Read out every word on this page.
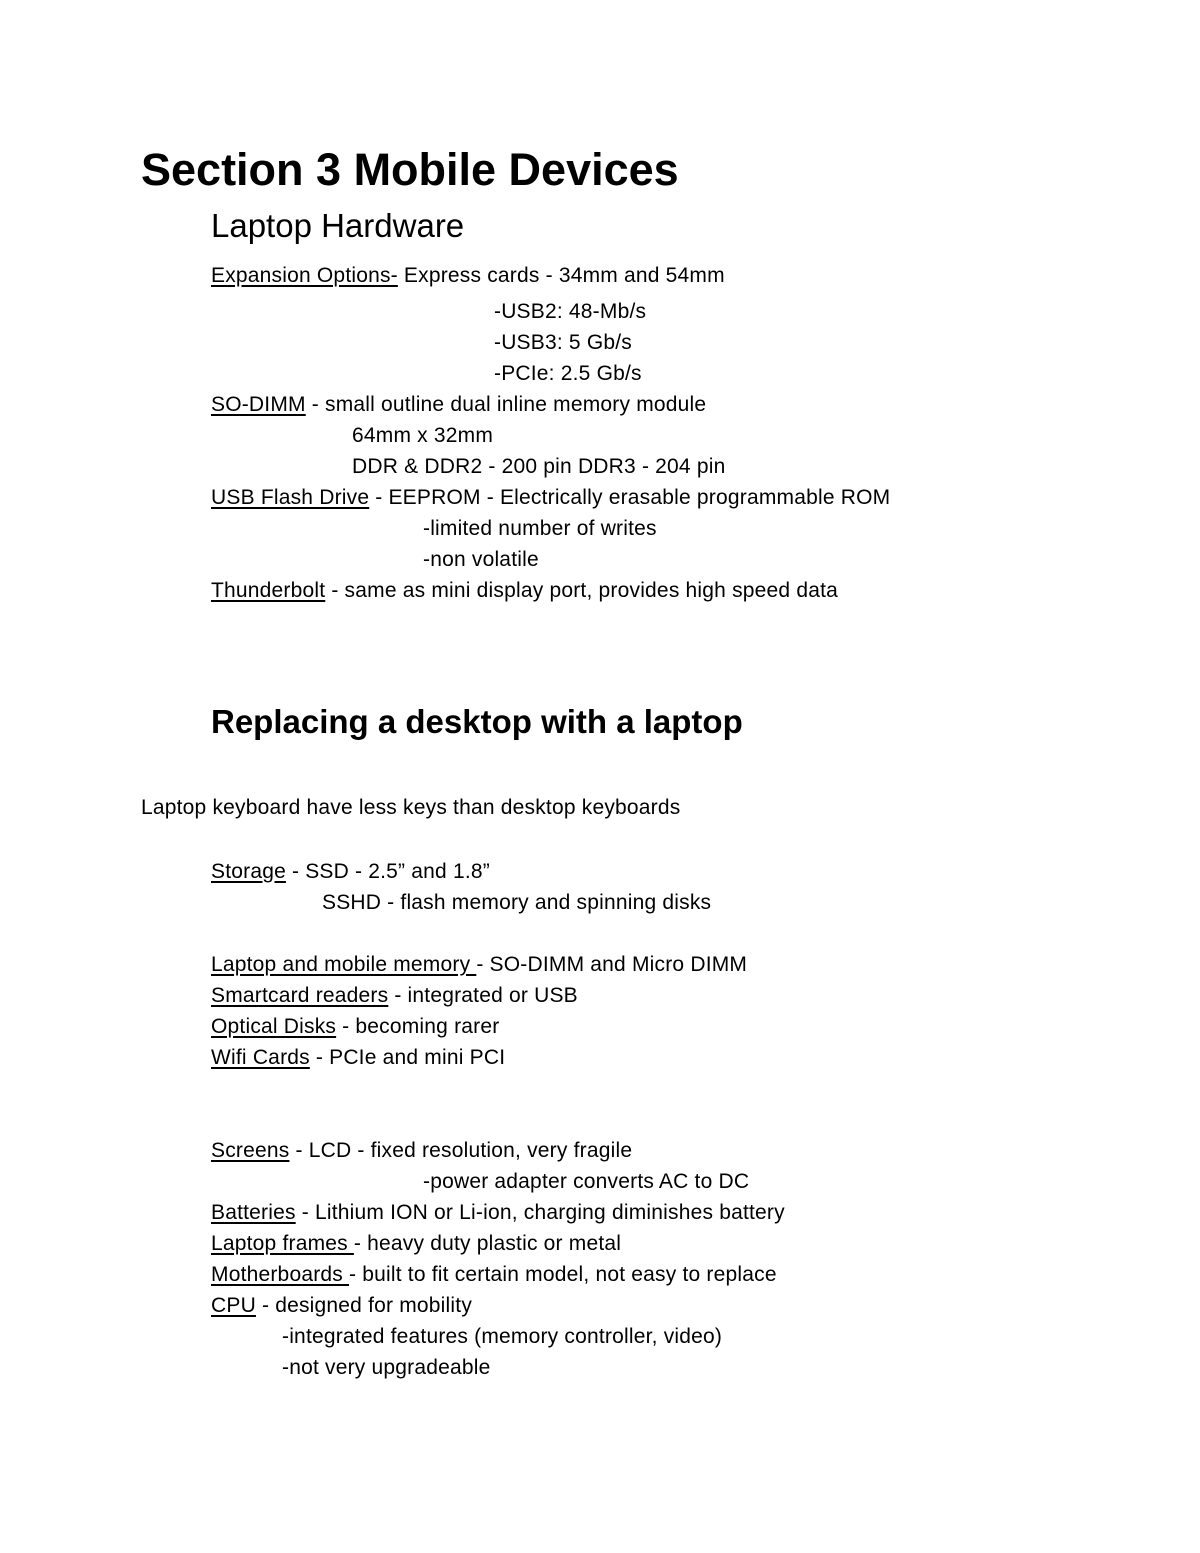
Section 3 Mobile Devices
Laptop Hardware
Expansion Options- Express cards - 34mm and 54mm
-USB2: 48-Mb/s
-USB3: 5 Gb/s
-PCIe: 2.5 Gb/s
SO-DIMM - small outline dual inline memory module
64mm x 32mm
DDR & DDR2 - 200 pin DDR3 - 204 pin
USB Flash Drive - EEPROM - Electrically erasable programmable ROM
-limited number of writes
-non volatile
Thunderbolt - same as mini display port, provides high speed data
Replacing a desktop with a laptop
Laptop keyboard have less keys than desktop keyboards
Storage - SSD - 2.5” and 1.8”
SSHD - flash memory and spinning disks
Laptop and mobile memory - SO-DIMM and Micro DIMM
Smartcard readers - integrated or USB
Optical Disks - becoming rarer
Wifi Cards - PCIe and mini PCI
Screens - LCD - fixed resolution, very fragile
-power adapter converts AC to DC
Batteries - Lithium ION or Li-ion, charging diminishes battery
Laptop frames - heavy duty plastic or metal
Motherboards - built to fit certain model, not easy to replace
CPU - designed for mobility
-integrated features (memory controller, video)
-not very upgradeable
